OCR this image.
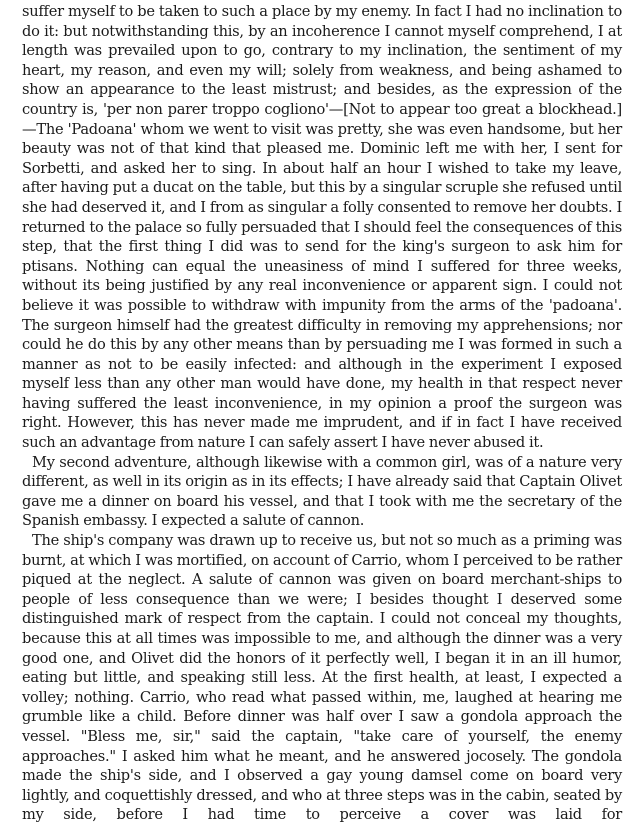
suffer myself to be taken to such a place by my enemy. In fact I had no inclination to do it: but notwithstanding this, by an incoherence I cannot myself comprehend, I at length was prevailed upon to go, contrary to my inclination, the sentiment of my heart, my reason, and even my will; solely from weakness, and being ashamed to show an appearance to the least mistrust; and besides, as the expression of the country is, 'per non parer troppo cogliono'—[Not to appear too great a blockhead.]—The 'Padoana' whom we went to visit was pretty, she was even handsome, but her beauty was not of that kind that pleased me. Dominic left me with her, I sent for Sorbetti, and asked her to sing. In about half an hour I wished to take my leave, after having put a ducat on the table, but this by a singular scruple she refused until she had deserved it, and I from as singular a folly consented to remove her doubts. I returned to the palace so fully persuaded that I should feel the consequences of this step, that the first thing I did was to send for the king's surgeon to ask him for ptisans. Nothing can equal the uneasiness of mind I suffered for three weeks, without its being justified by any real inconvenience or apparent sign. I could not believe it was possible to withdraw with impunity from the arms of the 'padoana'. The surgeon himself had the greatest difficulty in removing my apprehensions; nor could he do this by any other means than by persuading me I was formed in such a manner as not to be easily infected: and although in the experiment I exposed myself less than any other man would have done, my health in that respect never having suffered the least inconvenience, in my opinion a proof the surgeon was right. However, this has never made me imprudent, and if in fact I have received such an advantage from nature I can safely assert I have never abused it.

My second adventure, although likewise with a common girl, was of a nature very different, as well in its origin as in its effects; I have already said that Captain Olivet gave me a dinner on board his vessel, and that I took with me the secretary of the Spanish embassy. I expected a salute of cannon.

The ship's company was drawn up to receive us, but not so much as a priming was burnt, at which I was mortified, on account of Carrio, whom I perceived to be rather piqued at the neglect. A salute of cannon was given on board merchant-ships to people of less consequence than we were; I besides thought I deserved some distinguished mark of respect from the captain. I could not conceal my thoughts, because this at all times was impossible to me, and although the dinner was a very good one, and Olivet did the honors of it perfectly well, I began it in an ill humor, eating but little, and speaking still less. At the first health, at least, I expected a volley; nothing. Carrio, who read what passed within, me, laughed at hearing me grumble like a child. Before dinner was half over I saw a gondola approach the vessel. "Bless me, sir," said the captain, "take care of yourself, the enemy approaches." I asked him what he meant, and he answered jocosely. The gondola made the ship's side, and I observed a gay young damsel come on board very lightly, and coquettishly dressed, and who at three steps was in the cabin, seated by my side, before I had time to perceive a cover was laid for
